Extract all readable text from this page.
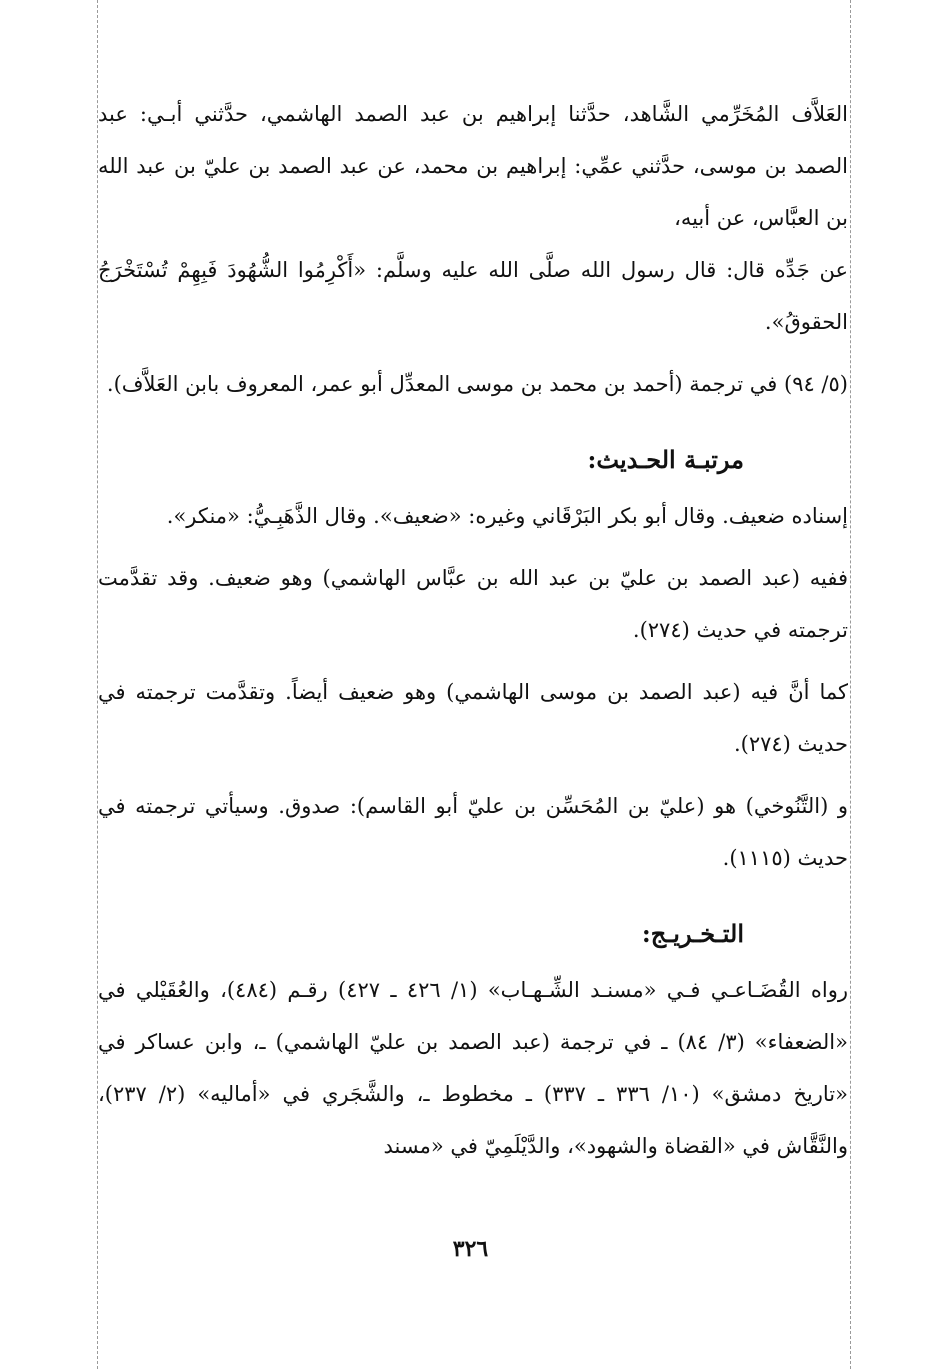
العَلاَّف المُخَرِّمي الشَّاهد، حدَّثنا إبراهيم بن عبد الصمد الهاشمي، حدَّثني أبـي: عبد الصمد بن موسى، حدَّثني عمِّي: إبراهيم بن محمد، عن عبد الصمد بن عليّ بن عبد الله بن العبَّاس، عن أبيه،

عن جَدِّه قال: قال رسول الله صلَّى الله عليه وسلَّم: «أَكْرِمُوا الشُّهُودَ فَبِهِمْ تُسْتَخْرَجُ الحقوقُ».

(٥/ ٩٤) في ترجمة (أحمد بن محمد بن موسى المعدِّل أبو عمر، المعروف بابن العَلاَّف).

مرتبـة الحـديث:

إسناده ضعيف. وقال أبو بكر البَرْقَاني وغيره: «ضعيف». وقال الذَّهَبِـيُّ: «منكر».

ففيه (عبد الصمد بن عليّ بن عبد الله بن عبَّاس الهاشمي) وهو ضعيف. وقد تقدَّمت ترجمته في حديث (٢٧٤).

كما أنَّ فيه (عبد الصمد بن موسى الهاشمي) وهو ضعيف أيضاً. وتقدَّمت ترجمته في حديث (٢٧٤).

و (التَّنُوخي) هو (عليّ بن المُحَسِّن بن عليّ أبو القاسم): صدوق. وسيأتي ترجمته في حديث (١١١٥).

التـخـريـج:

رواه القُضَـاعـي فـي «مسنـد الشِّـهـاب» (١/ ٤٢٦ ـ ٤٢٧) رقـم (٤٨٤)، والعُقَيْلي في «الضعفاء» (٣/ ٨٤) ـ في ترجمة (عبد الصمد بن عليّ الهاشمي) ـ، وابن عساكر في «تاريخ دمشق» (١٠/ ٣٣٦ ـ ٣٣٧) ـ مخطوط ـ، والشَّجَري في «أماليه» (٢/ ٢٣٧)، والنَّقَّاش في «القضاة والشهود»، والدَّيْلَمِيّ في «مسند

٣٢٦
